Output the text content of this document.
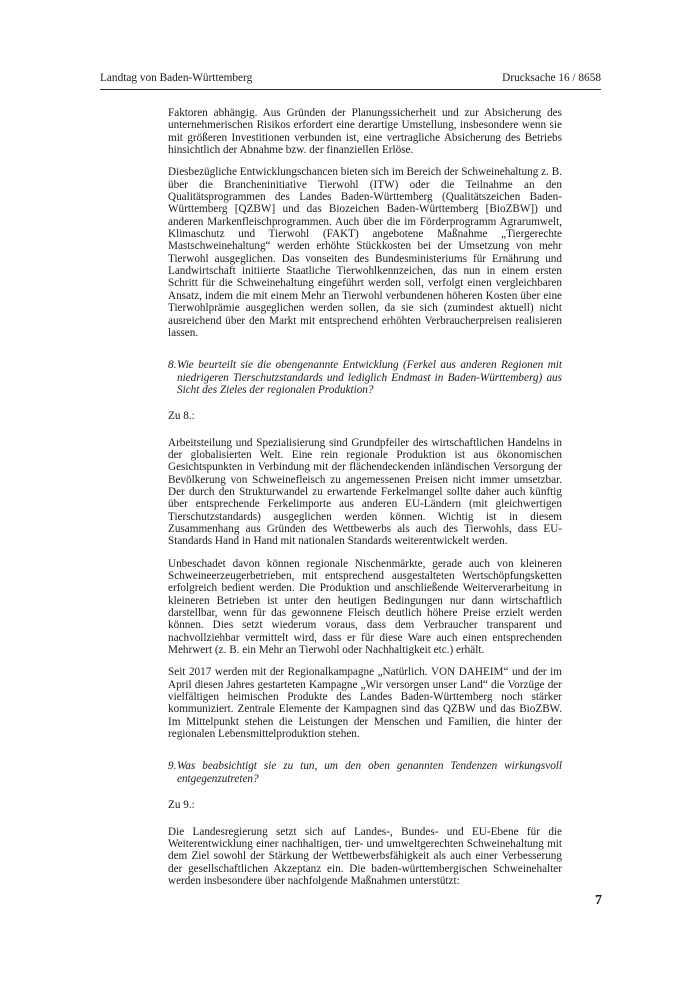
Landtag von Baden-Württemberg	Drucksache 16 / 8658

Faktoren abhängig. Aus Gründen der Planungssicherheit und zur Absicherung des unternehmerischen Risikos erfordert eine derartige Umstellung, insbesondere wenn sie mit größeren Investitionen verbunden ist, eine vertragliche Absicherung des Betriebs hinsichtlich der Abnahme bzw. der finanziellen Erlöse.

Diesbezügliche Entwicklungschancen bieten sich im Bereich der Schweinehaltung z. B. über die Brancheninitiative Tierwohl (ITW) oder die Teilnahme an den Qualitätsprogrammen des Landes Baden-Württemberg (Qualitätszeichen Baden-Württemberg [QZBW] und das Biozeichen Baden-Württemberg [BioZBW]) und anderen Markenfleischprogrammen. Auch über die im Förderprogramm Agrarumwelt, Klimaschutz und Tierwohl (FAKT) angebotene Maßnahme „Tiergerechte Mastschweinehaltung“ werden erhöhte Stückkosten bei der Umsetzung von mehr Tierwohl ausgeglichen. Das vonseiten des Bundesministeriums für Ernährung und Landwirtschaft initiierte Staatliche Tierwohlkennzeichen, das nun in einem ersten Schritt für die Schweinehaltung eingeführt werden soll, verfolgt einen vergleichbaren Ansatz, indem die mit einem Mehr an Tierwohl verbundenen höheren Kosten über eine Tierwohlprämie ausgeglichen werden sollen, da sie sich (zumindest aktuell) nicht ausreichend über den Markt mit entsprechend erhöhten Verbraucherpreisen realisieren lassen.

8. Wie beurteilt sie die obengenannte Entwicklung (Ferkel aus anderen Regionen mit niedrigeren Tierschutzstandards und lediglich Endmast in Baden-Württemberg) aus Sicht des Zieles der regionalen Produktion?

Zu 8.:

Arbeitsteilung und Spezialisierung sind Grundpfeiler des wirtschaftlichen Handelns in der globalisierten Welt. Eine rein regionale Produktion ist aus ökonomischen Gesichtspunkten in Verbindung mit der flächendeckenden inländischen Versorgung der Bevölkerung von Schweinefleisch zu angemessenen Preisen nicht immer umsetzbar. Der durch den Strukturwandel zu erwartende Ferkelmangel sollte daher auch künftig über entsprechende Ferkelimporte aus anderen EU-Ländern (mit gleichwertigen Tierschutzstandards) ausgeglichen werden können. Wichtig ist in diesem Zusammenhang aus Gründen des Wettbewerbs als auch des Tierwohls, dass EU-Standards Hand in Hand mit nationalen Standards weiterentwickelt werden.

Unbeschadet davon können regionale Nischenmärkte, gerade auch von kleineren Schweineerzeugerbetrieben, mit entsprechend ausgestalteten Wertschöpfungsketten erfolgreich bedient werden. Die Produktion und anschließende Weiterverarbeitung in kleineren Betrieben ist unter den heutigen Bedingungen nur dann wirtschaftlich darstellbar, wenn für das gewonnene Fleisch deutlich höhere Preise erzielt werden können. Dies setzt wiederum voraus, dass dem Verbraucher transparent und nachvollziehbar vermittelt wird, dass er für diese Ware auch einen entsprechenden Mehrwert (z. B. ein Mehr an Tierwohl oder Nachhaltigkeit etc.) erhält.

Seit 2017 werden mit der Regionalkampagne „Natürlich. VON DAHEIM“ und der im April diesen Jahres gestarteten Kampagne „Wir versorgen unser Land“ die Vorzüge der vielfältigen heimischen Produkte des Landes Baden-Württemberg noch stärker kommuniziert. Zentrale Elemente der Kampagnen sind das QZBW und das BioZBW. Im Mittelpunkt stehen die Leistungen der Menschen und Familien, die hinter der regionalen Lebensmittelproduktion stehen.

9. Was beabsichtigt sie zu tun, um den oben genannten Tendenzen wirkungsvoll entgegenzutreten?

Zu 9.:

Die Landesregierung setzt sich auf Landes-, Bundes- und EU-Ebene für die Weiterentwicklung einer nachhaltigen, tier- und umweltgerechten Schweinehaltung mit dem Ziel sowohl der Stärkung der Wettbewerbsfähigkeit als auch einer Verbesserung der gesellschaftlichen Akzeptanz ein. Die baden-württembergischen Schweinehalter werden insbesondere über nachfolgende Maßnahmen unterstützt:

7
